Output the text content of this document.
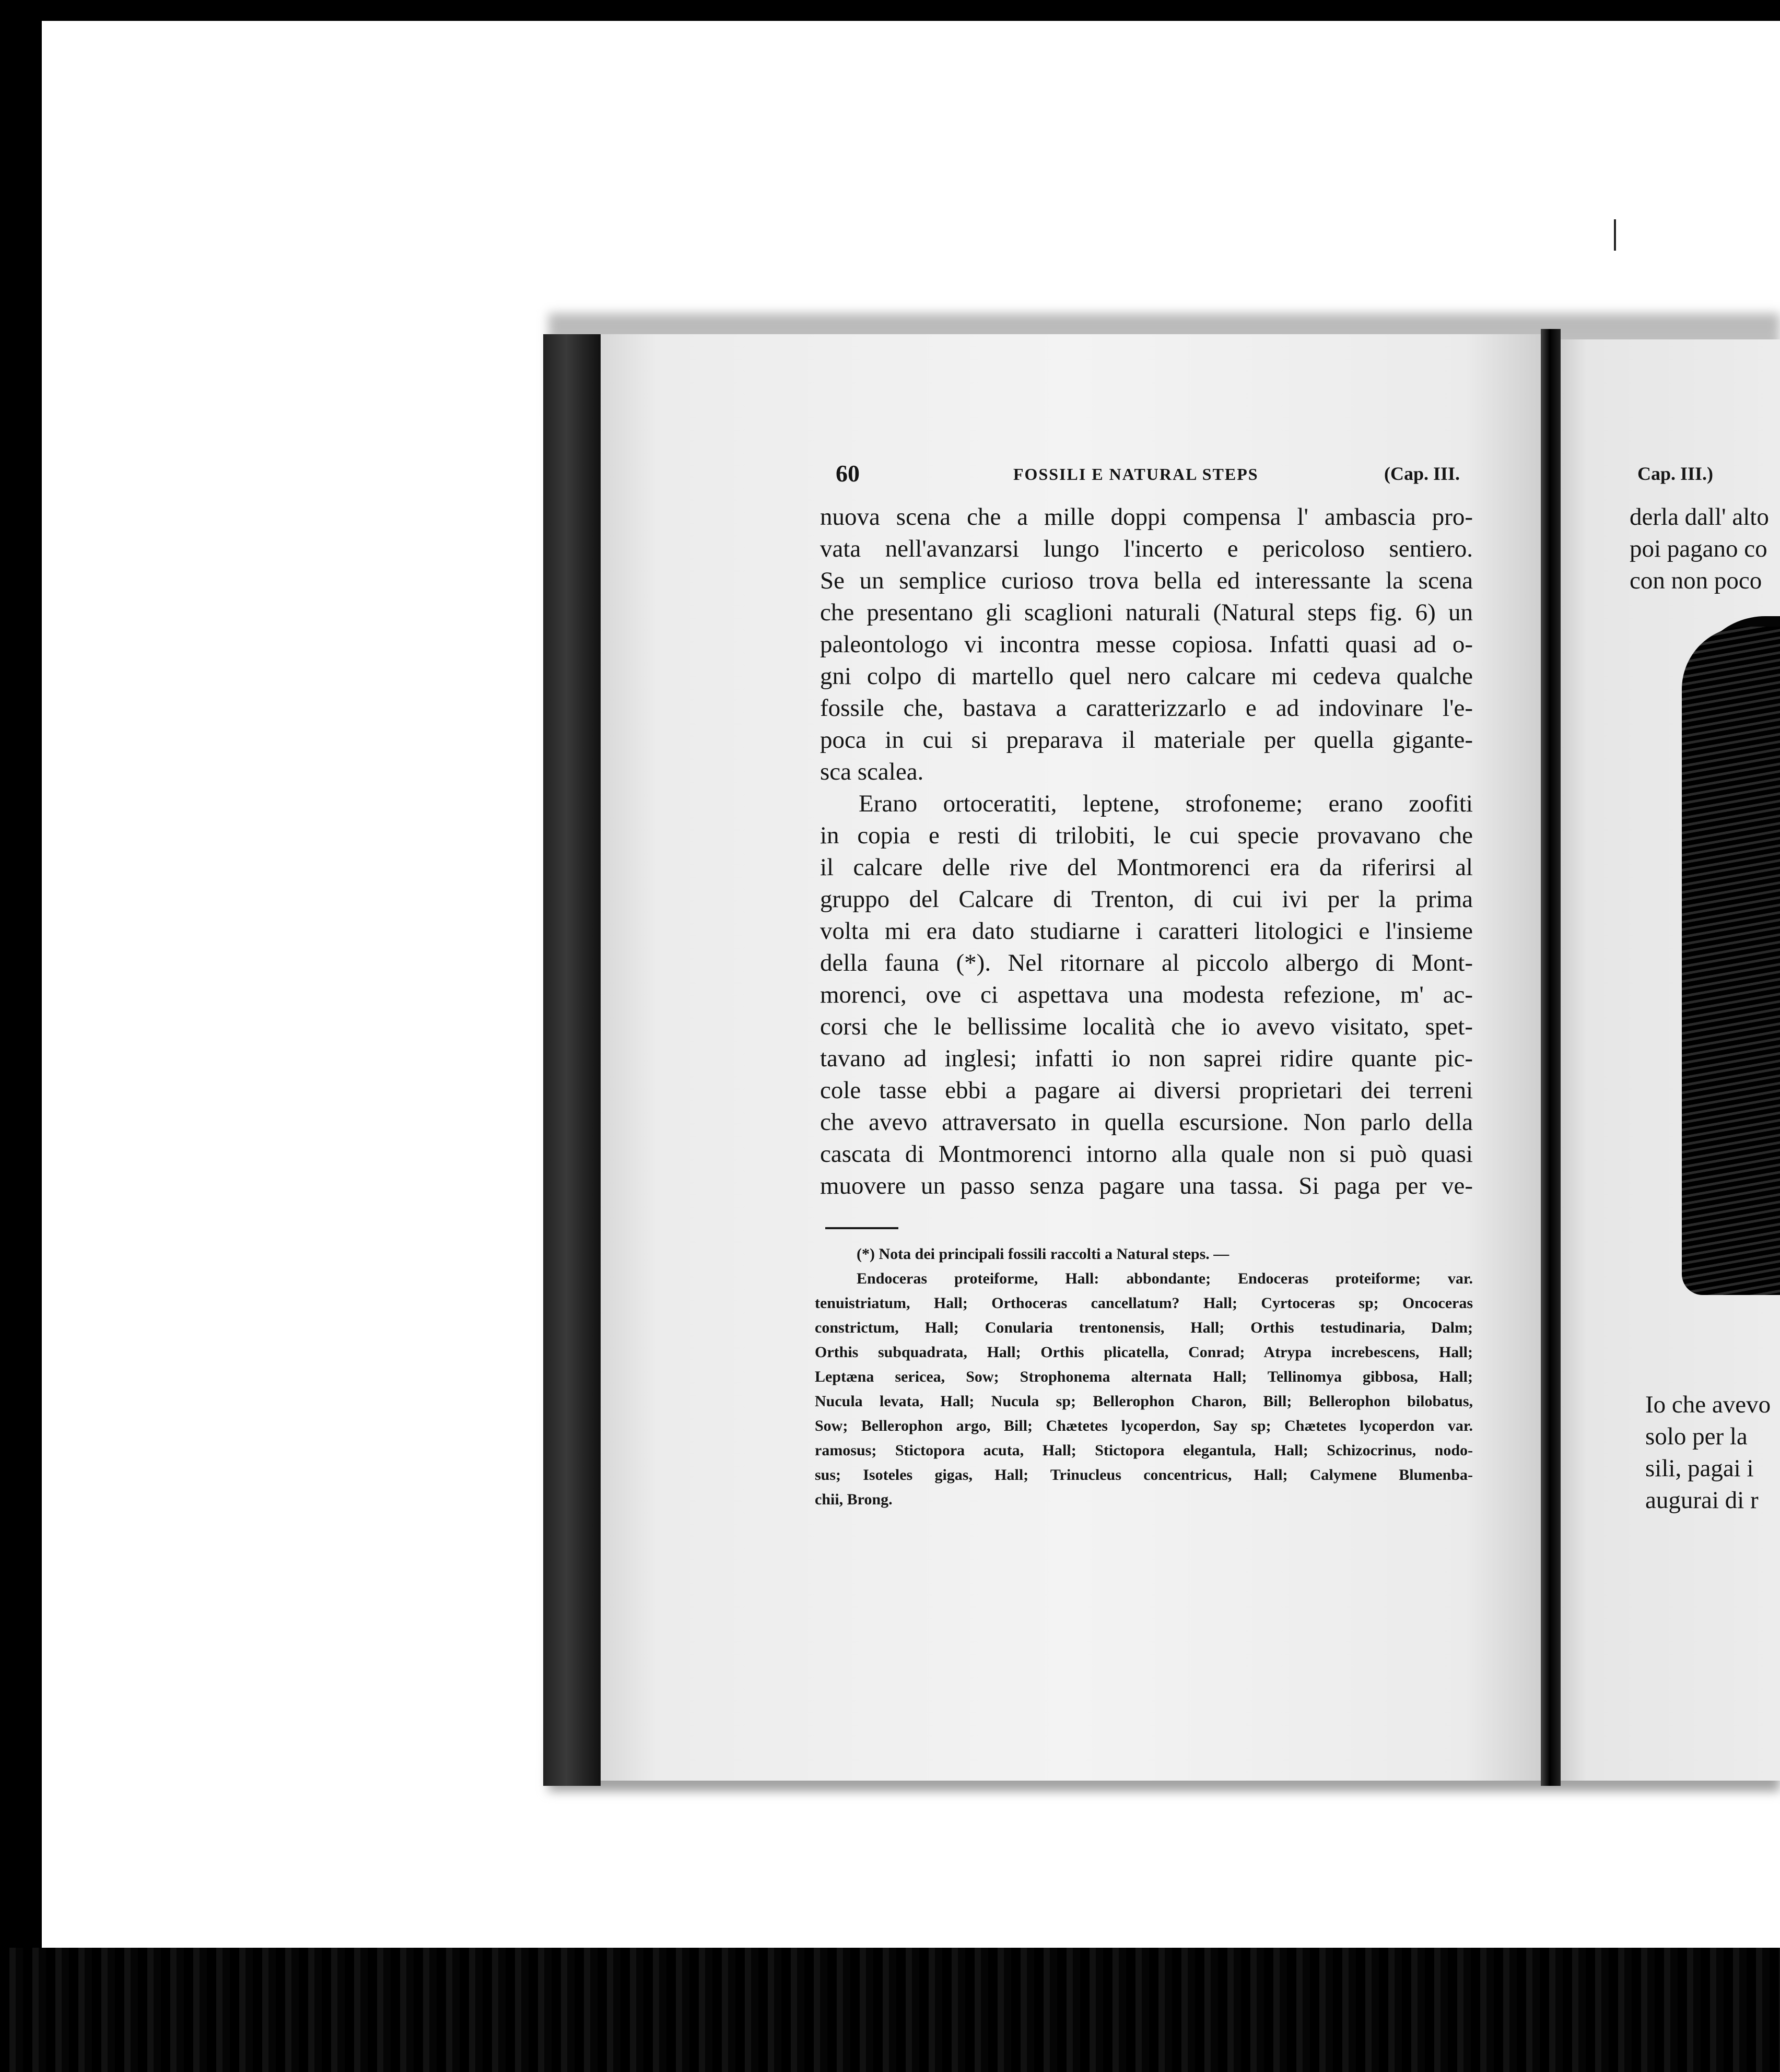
60	FOSSILI E NATURAL STEPS	(Cap. III.
nuova scena che a mille doppi compensa l' ambascia pro-
vata nell'avanzarsi lungo l'incerto e pericoloso sentiero.
Se un semplice curioso trova bella ed interessante la scena
che presentano gli scaglioni naturali (Natural steps fig. 6) un
paleontologo vi incontra messe copiosa. Infatti quasi ad o-
gni colpo di martello quel nero calcare mi cedeva qualche
fossile che, bastava a caratterizzarlo e ad indovinare l'e-
poca in cui si preparava il materiale per quella gigante-
sca scalea.
Erano ortoceratiti, leptene, strofoneme; erano zoofiti
in copia e resti di trilobiti, le cui specie provavano che
il calcare delle rive del Montmorenci era da riferirsi al
gruppo del Calcare di Trenton, di cui ivi per la prima
volta mi era dato studiarne i caratteri litologici e l'insieme
della fauna (*). Nel ritornare al piccolo albergo di Mont-
morenci, ove ci aspettava una modesta refezione, m' ac-
corsi che le bellissime località che io avevo visitato, spet-
tavano ad inglesi; infatti io non saprei ridire quante pic-
cole tasse ebbi a pagare ai diversi proprietari dei terreni
che avevo attraversato in quella escursione. Non parlo della
cascata di Montmorenci intorno alla quale non si può quasi
muovere un passo senza pagare una tassa. Si paga per ve-
(*) Nota dei principali fossili raccolti a Natural steps. —
Endoceras proteiforme, Hall: abbondante; Endoceras proteiforme; var.
tenuistriatum, Hall; Orthoceras cancellatum? Hall; Cyrtoceras sp; Oncoceras
constrictum, Hall; Conularia trentonensis, Hall; Orthis testudinaria, Dalm;
Orthis subquadrata, Hall; Orthis plicatella, Conrad; Atrypa increbescens, Hall;
Leptæna sericea, Sow; Strophonema alternata Hall; Tellinomya gibbosa, Hall;
Nucula levata, Hall; Nucula sp; Bellerophon Charon, Bill; Bellerophon bilobatus,
Sow; Bellerophon argo, Bill; Chætetes lycoperdon, Say sp; Chætetes lycoperdon var.
ramosus; Stictopora acuta, Hall; Stictopora elegantula, Hall; Schizocrinus, nodo-
sus; Isoteles gigas, Hall; Trinucleus concentricus, Hall; Calymene Blumenba-
chii, Brong.
Cap. III.)
derla dall' alto
poi pagano co
con non poco
Io che avevo
solo per la
sili, pagai i
augurai di r
